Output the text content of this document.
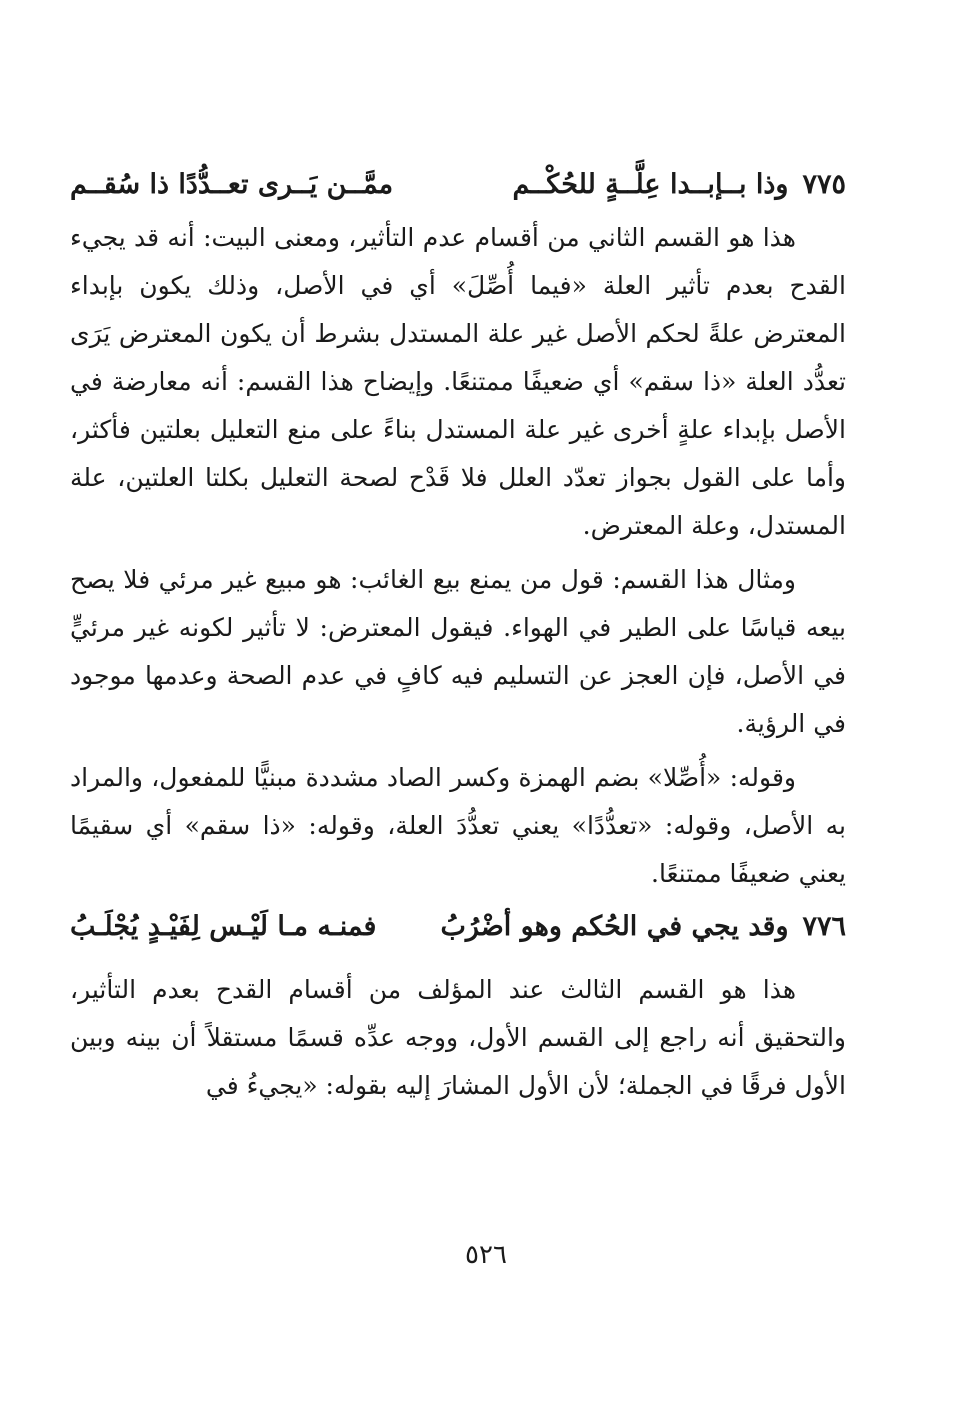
٧٧٥
وذا بــإبــدا عِلَّــةٍ للحُكْــم
ممَّــن يَــرى تعــدُّدًا ذا سُقــم

هذا هو القسم الثاني من أقسام عدم التأثير، ومعنى البيت: أنه قد يجيء القدح بعدم تأثير العلة «فيما أُصِّلَ» أي في الأصل، وذلك يكون بإبداء المعترض علةً لحكم الأصل غير علة المستدل بشرط أن يكون المعترض يَرَى تعدُّد العلة «ذا سقم» أي ضعيفًا ممتنعًا. وإيضاح هذا القسم: أنه معارضة في الأصل بإبداء علةٍ أخرى غير علة المستدل بناءً على منع التعليل بعلتين فأكثر، وأما على القول بجواز تعدّد العلل فلا قَدْح لصحة التعليل بكلتا العلتين، علة المستدل، وعلة المعترض.

ومثال هذا القسم: قول من يمنع بيع الغائب: هو مبيع غير مرئي فلا يصح بيعه قياسًا على الطير في الهواء. فيقول المعترض: لا تأثير لكونه غير مرئيٍّ في الأصل، فإن العجز عن التسليم فيه كافٍ في عدم الصحة وعدمها موجود في الرؤية.

وقوله: «أُصِّلا» بضم الهمزة وكسر الصاد مشددة مبنيًّا للمفعول، والمراد به الأصل، وقوله: «تعدُّدًا» يعني تعدُّدَ العلة، وقوله: «ذا سقم» أي سقيمًا يعني ضعيفًا ممتنعًا.

٧٧٦
وقد يجي في الحُكم وهو أضْرُبُ
فمنـه مـا لَيْـس لِفَيْـدٍ يُجْلَـبُ

هذا هو القسم الثالث عند المؤلف من أقسام القدح بعدم التأثير، والتحقيق أنه راجع إلى القسم الأول، ووجه عدِّه قسمًا مستقلاً أن بينه وبين الأول فرقًا في الجملة؛ لأن الأول المشارَ إليه بقوله: «يجيءُ في

٥٢٦
